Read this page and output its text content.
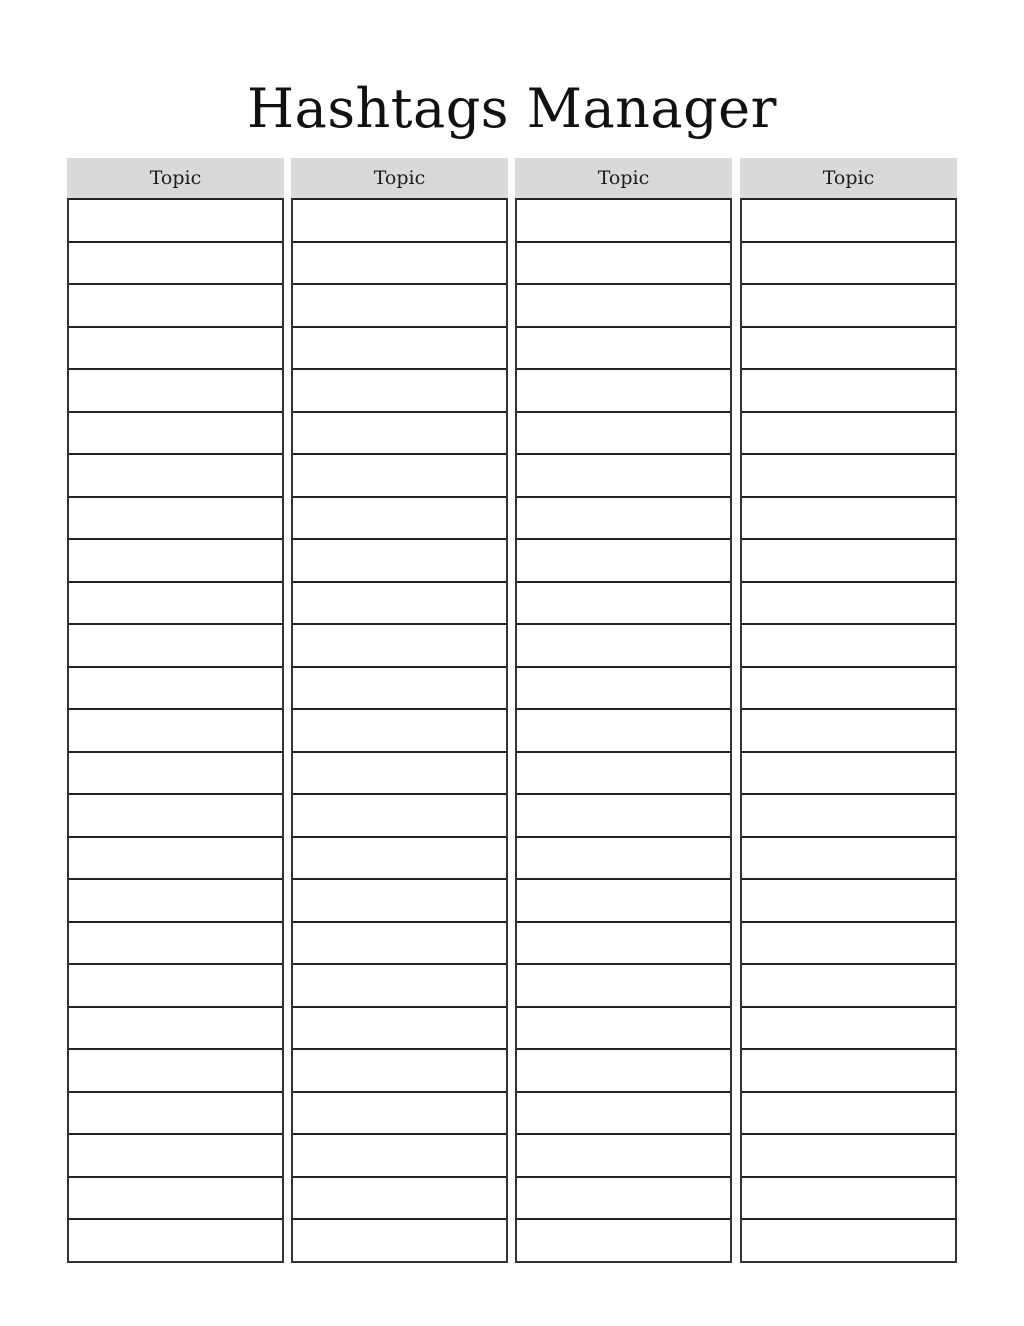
Hashtags Manager
Topic	Topic	Topic	Topic
